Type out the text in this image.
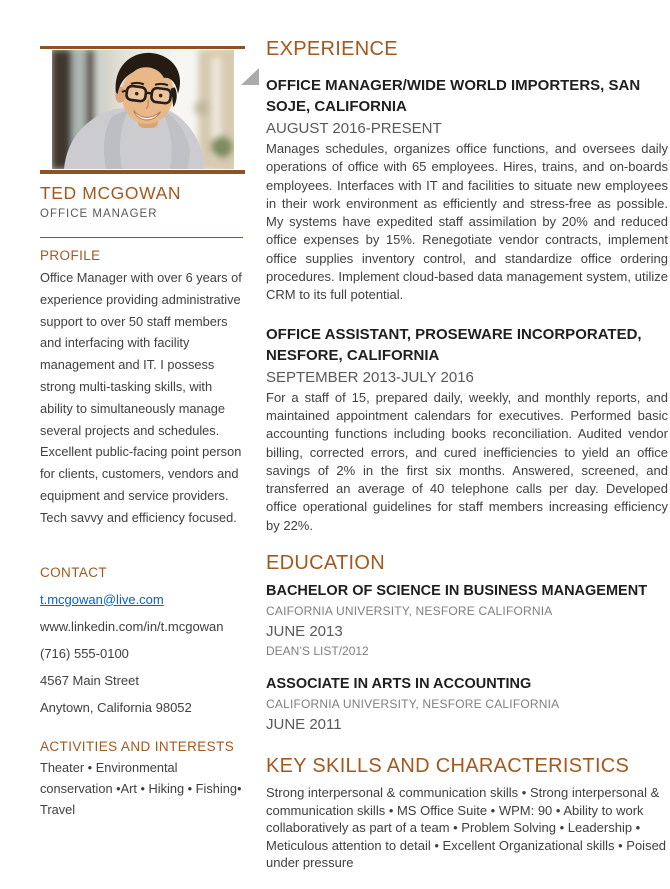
TED MCGOWAN
OFFICE MANAGER
PROFILE
Office Manager with over 6 years of experience providing administrative support to over 50 staff members and interfacing with facility management and IT. I possess strong multi-tasking skills, with ability to simultaneously manage several projects and schedules. Excellent public-facing point person for clients, customers, vendors and equipment and service providers. Tech savvy and efficiency focused.
CONTACT
t.mcgowan@live.com
www.linkedin.com/in/t.mcgowan
(716) 555-0100
4567 Main Street
Anytown, California 98052
ACTIVITIES AND INTERESTS
Theater • Environmental conservation •Art • Hiking • Fishing• Travel
EXPERIENCE
OFFICE MANAGER/WIDE WORLD IMPORTERS, SAN SOJE, CALIFORNIA
AUGUST 2016-PRESENT
Manages schedules, organizes office functions, and oversees daily operations of office with 65 employees. Hires, trains, and on-boards employees. Interfaces with IT and facilities to situate new employees in their work environment as efficiently and stress-free as possible. My systems have expedited staff assimilation by 20% and reduced office expenses by 15%. Renegotiate vendor contracts, implement office supplies inventory control, and standardize office ordering procedures. Implement cloud-based data management system, utilize CRM to its full potential.
OFFICE ASSISTANT, PROSEWARE INCORPORATED, NESFORE, CALIFORNIA
SEPTEMBER 2013-JULY 2016
For a staff of 15, prepared daily, weekly, and monthly reports, and maintained appointment calendars for executives. Performed basic accounting functions including books reconciliation. Audited vendor billing, corrected errors, and cured inefficiencies to yield an office savings of 2% in the first six months. Answered, screened, and transferred an average of 40 telephone calls per day. Developed office operational guidelines for staff members increasing efficiency by 22%.
EDUCATION
BACHELOR OF SCIENCE IN BUSINESS MANAGEMENT
CAIFORNIA UNIVERSITY, NESFORE CALIFORNIA
JUNE 2013
DEAN’S LIST/2012
ASSOCIATE IN ARTS IN ACCOUNTING
CALIFORNIA UNIVERSITY, NESFORE CALIFORNIA
JUNE 2011
KEY SKILLS AND CHARACTERISTICS
Strong interpersonal & communication skills • Strong interpersonal & communication skills • MS Office Suite • WPM: 90 • Ability to work collaboratively as part of a team • Problem Solving • Leadership • Meticulous attention to detail • Excellent Organizational skills • Poised under pressure
